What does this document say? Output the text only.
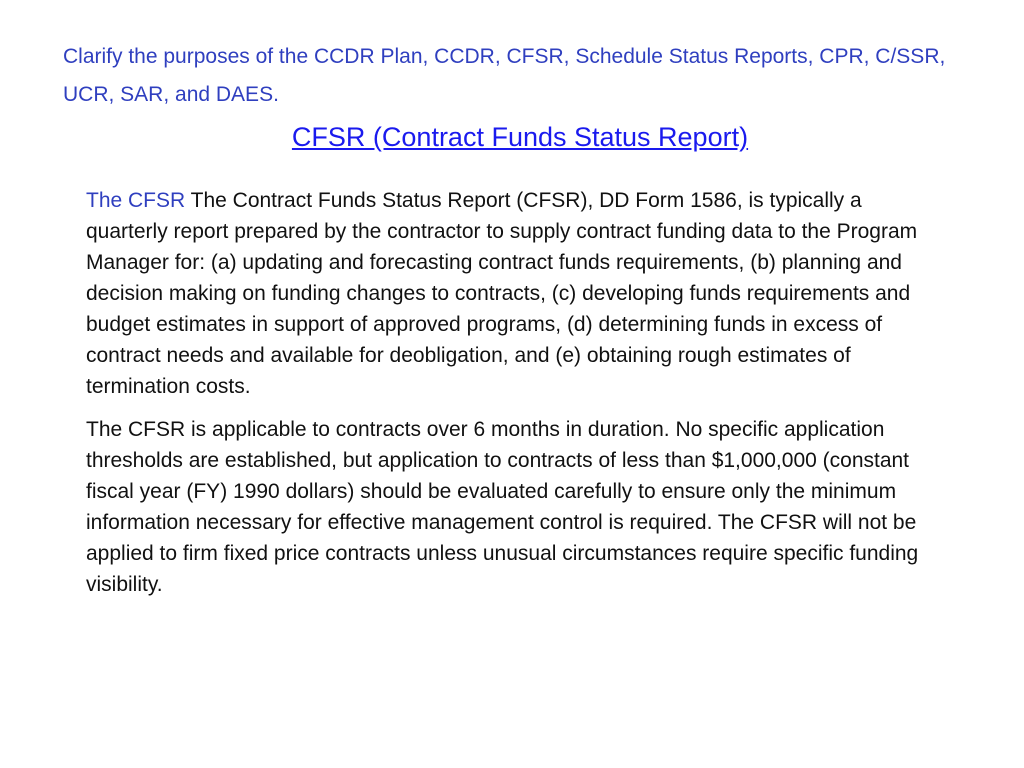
Clarify the purposes of the CCDR Plan, CCDR, CFSR, Schedule Status Reports, CPR, C/SSR, UCR, SAR, and DAES.
CFSR (Contract Funds Status Report)

The CFSR The Contract Funds Status Report (CFSR), DD Form 1586, is typically a quarterly report prepared by the contractor to supply contract funding data to the Program Manager for: (a) updating and forecasting contract funds requirements, (b) planning and decision making on funding changes to contracts, (c) developing funds requirements and budget estimates in support of approved programs, (d) determining funds in excess of contract needs and available for deobligation, and (e) obtaining rough estimates of termination costs.

The CFSR is applicable to contracts over 6 months in duration. No specific application thresholds are established, but application to contracts of less than $1,000,000 (constant fiscal year (FY) 1990 dollars) should be evaluated carefully to ensure only the minimum information necessary for effective management control is required. The CFSR will not be applied to firm fixed price contracts unless unusual circumstances require specific funding visibility.
